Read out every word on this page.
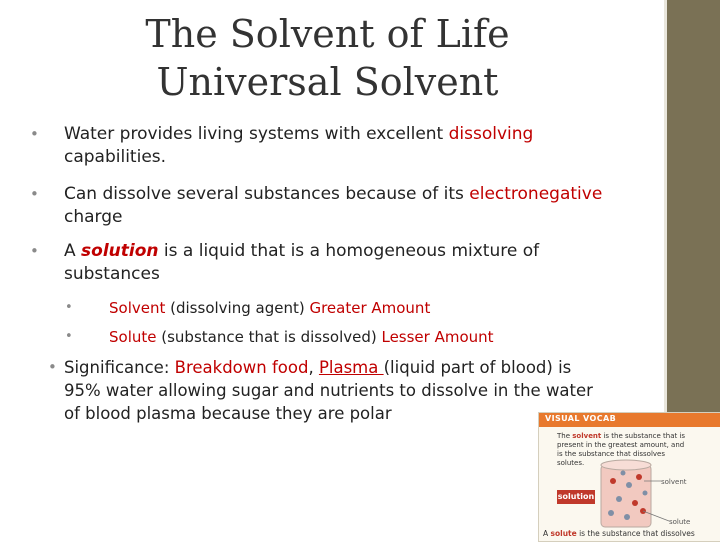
The Solvent of Life
Universal Solvent
• Water provides living systems with excellent dissolving
capabilities.
• Can dissolve several substances because of its electronegative
charge
• A solution is a liquid that is a homogeneous mixture of
substances
• Solvent (dissolving agent) Greater Amount
• Solute (substance that is dissolved) Lesser Amount
• Significance: Breakdown food, Plasma (liquid part of blood) is
95% water allowing sugar and nutrients to dissolve in the water
of blood plasma because they are polar	VISUAL VOCAB
The solvent is the substance that is present in the greatest amount, and is the substance that dissolves solutes.
solvent
solution
solute
A solute is the substance that dissolves
